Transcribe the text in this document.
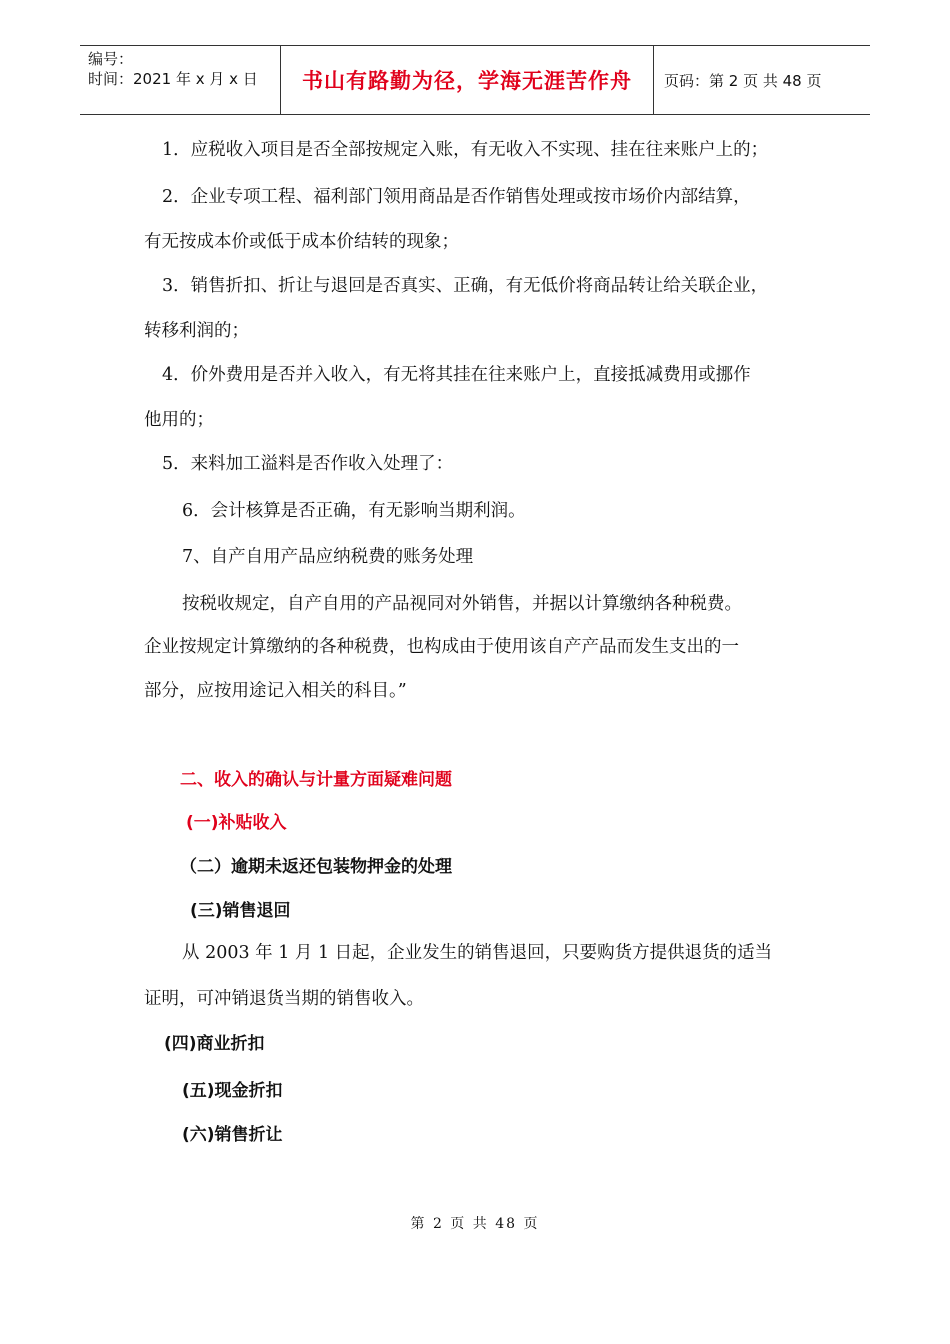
编号：
时间：2021 年 x 月 x 日	书山有路勤为径，学海无涯苦作舟	页码：第 2 页 共 48 页
1．应税收入项目是否全部按规定入账，有无收入不实现、挂在往来账户上的；
2．企业专项工程、福利部门领用商品是否作销售处理或按市场价内部结算，
有无按成本价或低于成本价结转的现象；
3．销售折扣、折让与退回是否真实、正确，有无低价将商品转让给关联企业，
转移利润的；
4．价外费用是否并入收入，有无将其挂在往来账户上，直接抵减费用或挪作
他用的；
5．来料加工溢料是否作收入处理了：
6．会计核算是否正确，有无影响当期利润。
7、自产自用产品应纳税费的账务处理
按税收规定，自产自用的产品视同对外销售，并据以计算缴纳各种税费。
企业按规定计算缴纳的各种税费，也构成由于使用该自产产品而发生支出的一
部分，应按用途记入相关的科目。”
二、收入的确认与计量方面疑难问题
(一)补贴收入
（二）逾期未返还包装物押金的处理
(三)销售退回
从 2003 年 1 月 1 日起，企业发生的销售退回，只要购货方提供退货的适当
证明，可冲销退货当期的销售收入。
(四)商业折扣
(五)现金折扣
(六)销售折让
第 2 页 共 48 页
